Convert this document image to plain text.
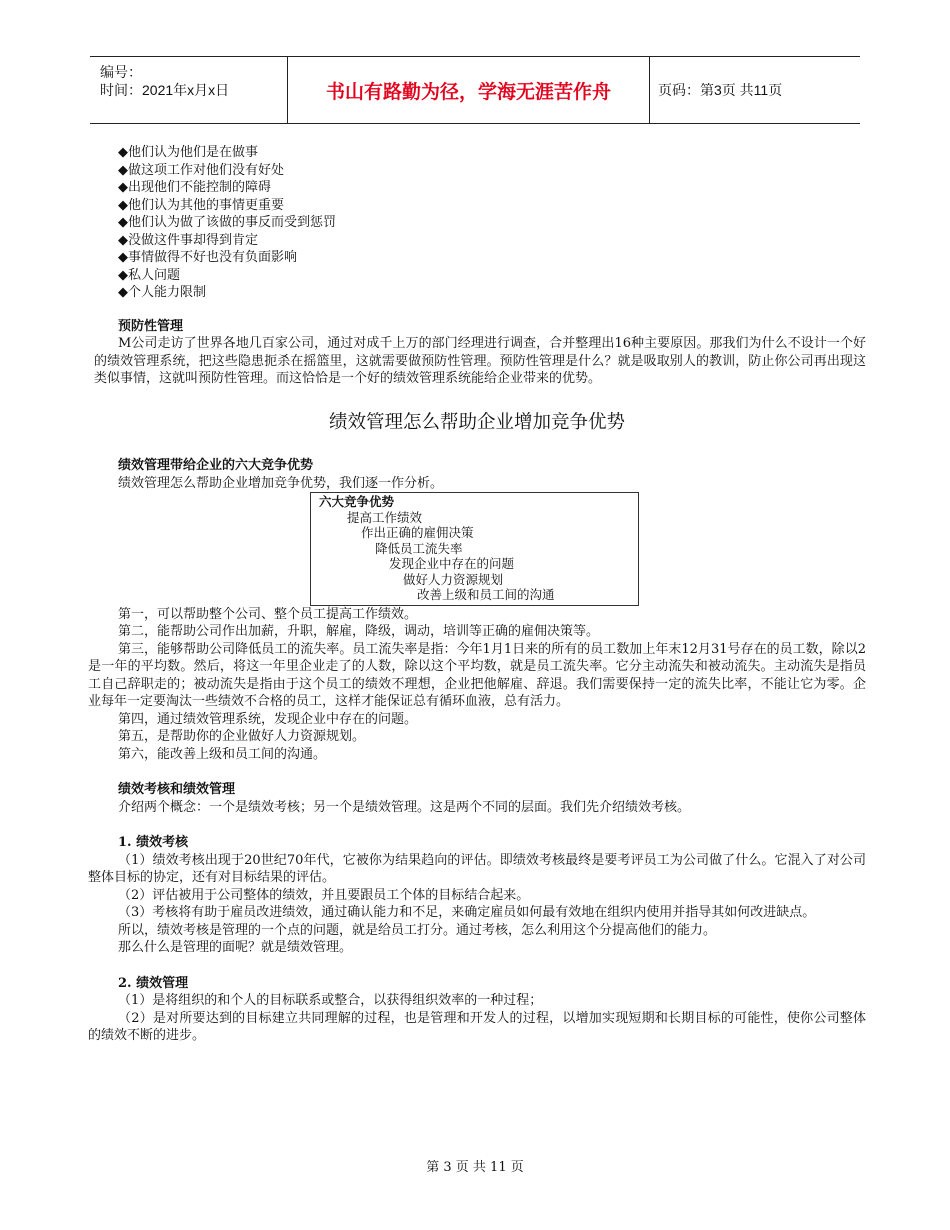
编号：
时间：2021年x月x日	书山有路勤为径，学海无涯苦作舟	页码：第3页 共11页
◆他们认为他们是在做事
◆做这项工作对他们没有好处
◆出现他们不能控制的障碍
◆他们认为其他的事情更重要
◆他们认为做了该做的事反而受到惩罚
◆没做这件事却得到肯定
◆事情做得不好也没有负面影响
◆私人问题
◆个人能力限制
预防性管理
M公司走访了世界各地几百家公司，通过对成千上万的部门经理进行调查，合并整理出16种主要原因。那我们为什么不设计一个好的绩效管理系统，把这些隐患扼杀在摇篮里，这就需要做预防性管理。预防性管理是什么？就是吸取别人的教训，防止你公司再出现这类似事情，这就叫预防性管理。而这恰恰是一个好的绩效管理系统能给企业带来的优势。
绩效管理怎么帮助企业增加竞争优势
绩效管理带给企业的六大竞争优势
绩效管理怎么帮助企业增加竞争优势，我们逐一作分析。
六大竞争优势
提高工作绩效
作出正确的雇佣决策
降低员工流失率
发现企业中存在的问题
做好人力资源规划
改善上级和员工间的沟通
第一，可以帮助整个公司、整个员工提高工作绩效。
第二，能帮助公司作出加薪，升职，解雇，降级，调动，培训等正确的雇佣决策等。
第三，能够帮助公司降低员工的流失率。员工流失率是指：今年1月1日来的所有的员工数加上年末12月31号存在的员工数，除以2是一年的平均数。然后，将这一年里企业走了的人数，除以这个平均数，就是员工流失率。它分主动流失和被动流失。主动流失是指员工自己辞职走的；被动流失是指由于这个员工的绩效不理想，企业把他解雇、辞退。我们需要保持一定的流失比率，不能让它为零。企业每年一定要淘汰一些绩效不合格的员工，这样才能保证总有循环血液，总有活力。
第四，通过绩效管理系统，发现企业中存在的问题。
第五，是帮助你的企业做好人力资源规划。
第六，能改善上级和员工间的沟通。
绩效考核和绩效管理
介绍两个概念：一个是绩效考核；另一个是绩效管理。这是两个不同的层面。我们先介绍绩效考核。
1. 绩效考核
（1）绩效考核出现于20世纪70年代，它被你为结果趋向的评估。即绩效考核最终是要考评员工为公司做了什么。它混入了对公司整体目标的协定，还有对目标结果的评估。
（2）评估被用于公司整体的绩效，并且要跟员工个体的目标结合起来。
（3）考核将有助于雇员改进绩效，通过确认能力和不足，来确定雇员如何最有效地在组织内使用并指导其如何改进缺点。
所以，绩效考核是管理的一个点的问题，就是给员工打分。通过考核，怎么利用这个分提高他们的能力。
那么什么是管理的面呢？就是绩效管理。
2. 绩效管理
（1）是将组织的和个人的目标联系或整合，以获得组织效率的一种过程；
（2）是对所要达到的目标建立共同理解的过程，也是管理和开发人的过程，以增加实现短期和长期目标的可能性，使你公司整体的绩效不断的进步。
第 3 页 共 11 页
